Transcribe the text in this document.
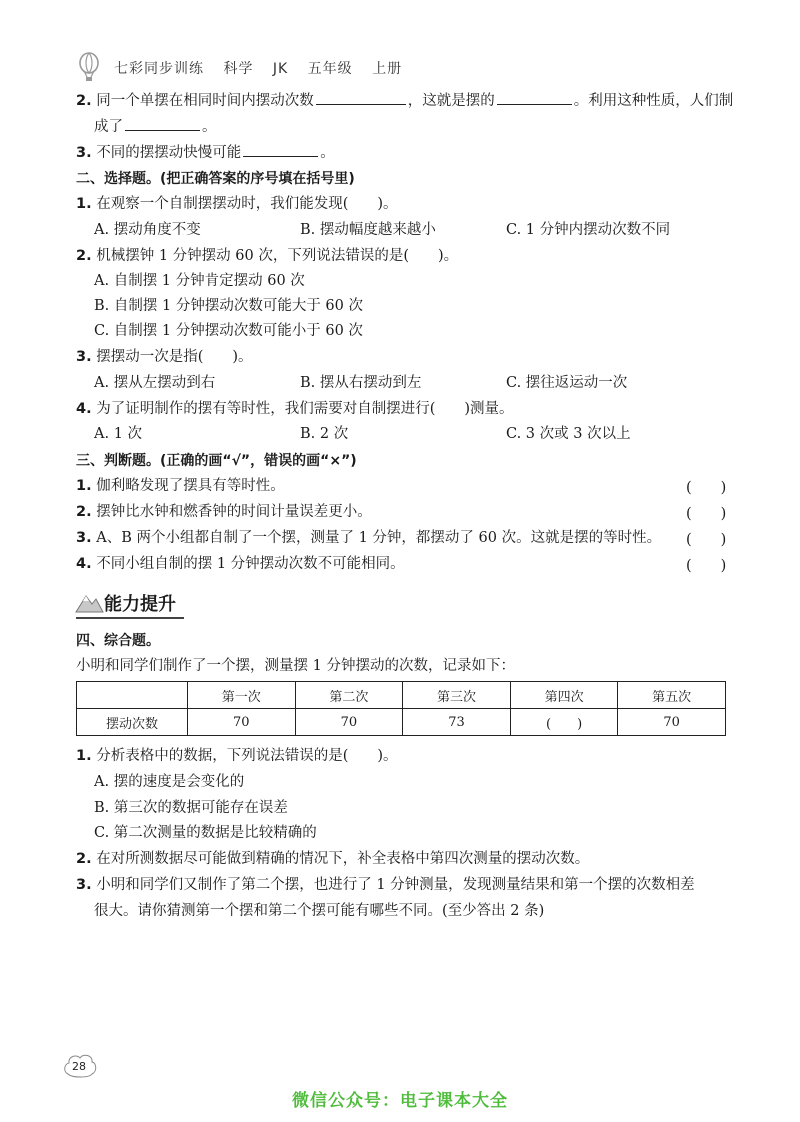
七彩同步训练 科学 JK 五年级 上册
2. 同一个单摆在相同时间内摆动次数	，这就是摆的	。利用这种性质，人们制
成了	。
3. 不同的摆摆动快慢可能	。
二、选择题。(把正确答案的序号填在括号里)
1. 在观察一个自制摆摆动时，我们能发现(　　)。
A. 摆动角度不变	B. 摆动幅度越来越小	C. 1 分钟内摆动次数不同
2. 机械摆钟 1 分钟摆动 60 次，下列说法错误的是(　　)。
A. 自制摆 1 分钟肯定摆动 60 次
B. 自制摆 1 分钟摆动次数可能大于 60 次
C. 自制摆 1 分钟摆动次数可能小于 60 次
3. 摆摆动一次是指(　　)。
A. 摆从左摆动到右	B. 摆从右摆动到左	C. 摆往返运动一次
4. 为了证明制作的摆有等时性，我们需要对自制摆进行(　　)测量。
A. 1 次	B. 2 次	C. 3 次或 3 次以上
三、判断题。(正确的画“√”，错误的画“×”)
1. 伽利略发现了摆具有等时性。	(　　)
2. 摆钟比水钟和燃香钟的时间计量误差更小。	(　　)
3. A、B 两个小组都自制了一个摆，测量了 1 分钟，都摆动了 60 次。这就是摆的等时性。 (　　)
4. 不同小组自制的摆 1 分钟摆动次数不可能相同。	(　　)
能力提升
四、综合题。
小明和同学们制作了一个摆，测量摆 1 分钟摆动的次数，记录如下：
	第一次	第二次	第三次	第四次	第五次
摆动次数	70	70	73	(　　)	70
1. 分析表格中的数据，下列说法错误的是(　　)。
A. 摆的速度是会变化的
B. 第三次的数据可能存在误差
C. 第二次测量的数据是比较精确的
2. 在对所测数据尽可能做到精确的情况下，补全表格中第四次测量的摆动次数。
3. 小明和同学们又制作了第二个摆，也进行了 1 分钟测量，发现测量结果和第一个摆的次数相差
很大。请你猜测第一个摆和第二个摆可能有哪些不同。(至少答出 2 条)
28
微信公众号：电子课本大全
